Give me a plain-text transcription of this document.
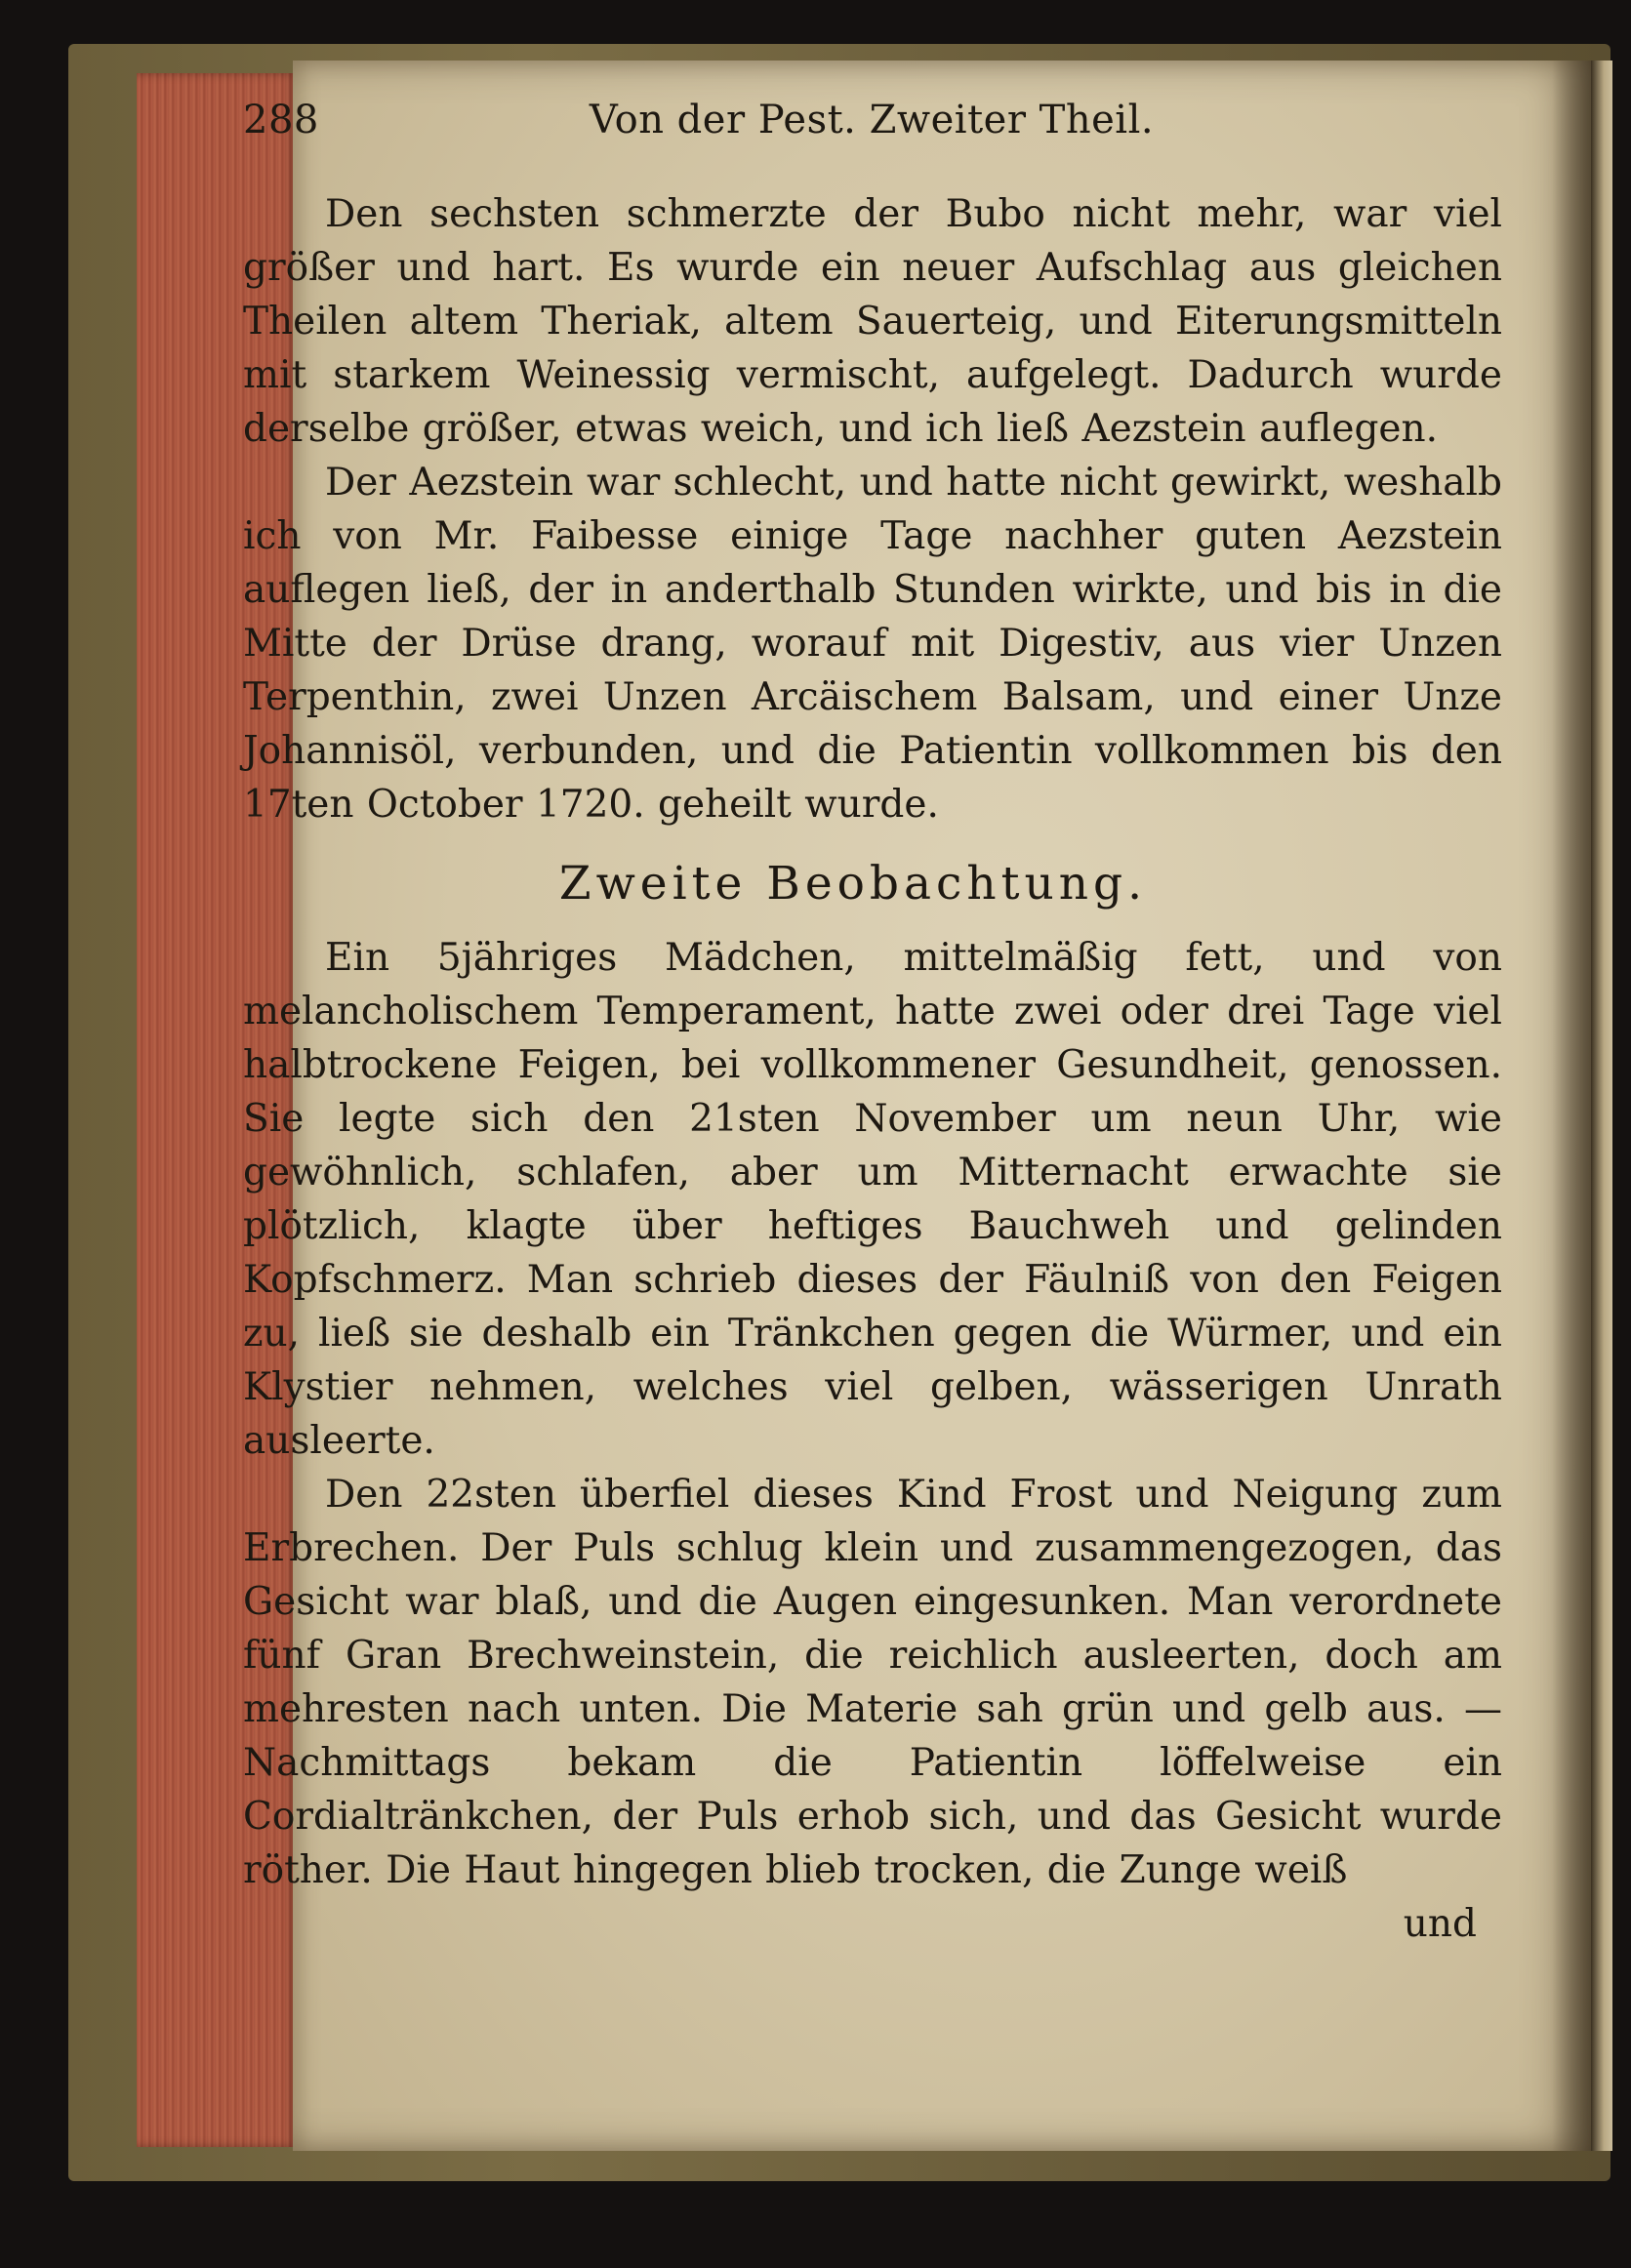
288	Von der Pest. Zweiter Theil.

Den sechsten schmerzte der Bubo nicht mehr, war viel größer und hart. Es wurde ein neuer Aufschlag aus gleichen Theilen altem Theriak, altem Sauerteig, und Eiterungsmitteln mit starkem Weinessig vermischt, aufgelegt. Dadurch wurde derselbe größer, etwas weich, und ich ließ Aezstein auflegen.

Der Aezstein war schlecht, und hatte nicht gewirkt, weshalb ich von Mr. Faibesse einige Tage nachher guten Aezstein auflegen ließ, der in anderthalb Stunden wirkte, und bis in die Mitte der Drüse drang, worauf mit Digestiv, aus vier Unzen Terpenthin, zwei Unzen Arcäischem Balsam, und einer Unze Johannisöl, verbunden, und die Patientin vollkommen bis den 17ten October 1720. geheilt wurde.

Zweite Beobachtung.

Ein 5jähriges Mädchen, mittelmäßig fett, und von melancholischem Temperament, hatte zwei oder drei Tage viel halbtrockene Feigen, bei vollkommener Gesundheit, genossen. Sie legte sich den 21sten November um neun Uhr, wie gewöhnlich, schlafen, aber um Mitternacht erwachte sie plötzlich, klagte über heftiges Bauchweh und gelinden Kopfschmerz. Man schrieb dieses der Fäulniß von den Feigen zu, ließ sie deshalb ein Tränkchen gegen die Würmer, und ein Klystier nehmen, welches viel gelben, wässerigen Unrath ausleerte.

Den 22sten überfiel dieses Kind Frost und Neigung zum Erbrechen. Der Puls schlug klein und zusammengezogen, das Gesicht war blaß, und die Augen eingesunken. Man verordnete fünf Gran Brechweinstein, die reichlich ausleerten, doch am mehresten nach unten. Die Materie sah grün und gelb aus. — Nachmittags bekam die Patientin löffelweise ein Cordialtränkchen, der Puls erhob sich, und das Gesicht wurde röther. Die Haut hingegen blieb trocken, die Zunge weiß

und
